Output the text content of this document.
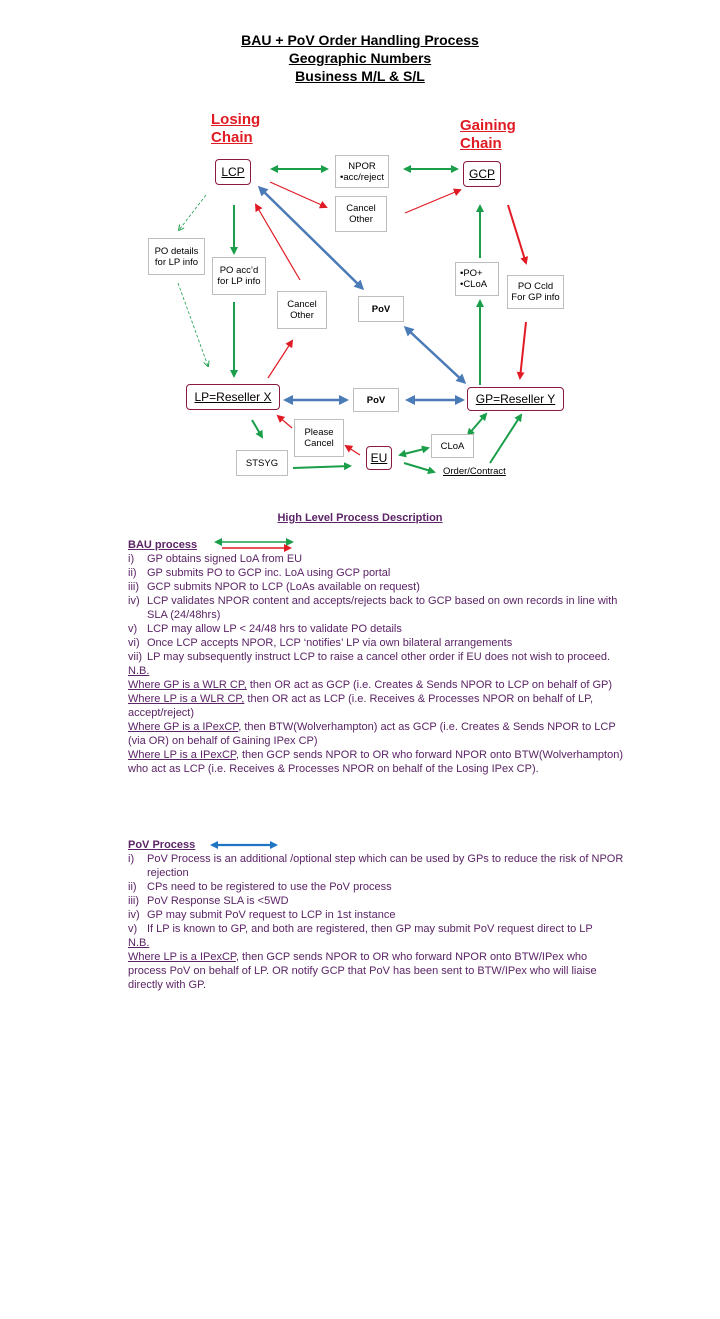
BAU + PoV Order Handling Process
Geographic Numbers
Business M/L & S/L
Losing
Chain
Gaining
Chain
LCP	GCP
LP=Reseller X	GP=Reseller Y
EU
NPOR
•acc/reject
Cancel
Other
PO details
for LP info
PO acc’d
for LP info
Cancel
Other
PoV
•PO+
•CLoA	PO Ccld
For GP info
PoV
Please
Cancel	CLoA
STSYG
Order/Contract
High Level Process Description
BAU process
i) GP obtains signed LoA from EU
ii) GP submits PO to GCP inc. LoA using GCP portal
iii) GCP submits NPOR to LCP (LoAs available on request)
iv) LCP validates NPOR content and accepts/rejects back to GCP based on own records in line with SLA (24/48hrs)
v) LCP may allow LP < 24/48 hrs to validate PO details
vi) Once LCP accepts NPOR, LCP ‘notifies’ LP via own bilateral arrangements
vii) LP may subsequently instruct LCP to raise a cancel other order if EU does not wish to proceed.
N.B.
Where GP is a WLR CP, then OR act as GCP (i.e. Creates & Sends NPOR to LCP on behalf of GP)
Where LP is a WLR CP, then OR act as LCP (i.e. Receives & Processes NPOR on behalf of LP, accept/reject)
Where GP is a IPexCP, then BTW(Wolverhampton) act as GCP (i.e. Creates & Sends NPOR to LCP (via OR) on behalf of Gaining IPex CP)
Where LP is a IPexCP, then GCP sends NPOR to OR who forward NPOR onto BTW(Wolverhampton) who act as LCP (i.e. Receives & Processes NPOR on behalf of the Losing IPex CP).
PoV Process
i) PoV Process is an additional /optional step which can be used by GPs to reduce the risk of NPOR rejection
ii) CPs need to be registered to use the PoV process
iii) PoV Response SLA is <5WD
iv) GP may submit PoV request to LCP in 1st instance
v) If LP is known to GP, and both are registered, then GP may submit PoV request direct to LP
N.B.
Where LP is a IPexCP, then GCP sends NPOR to OR who forward NPOR onto BTW/IPex who process PoV on behalf of LP. OR notify GCP that PoV has been sent to BTW/IPex who will liaise directly with GP.
